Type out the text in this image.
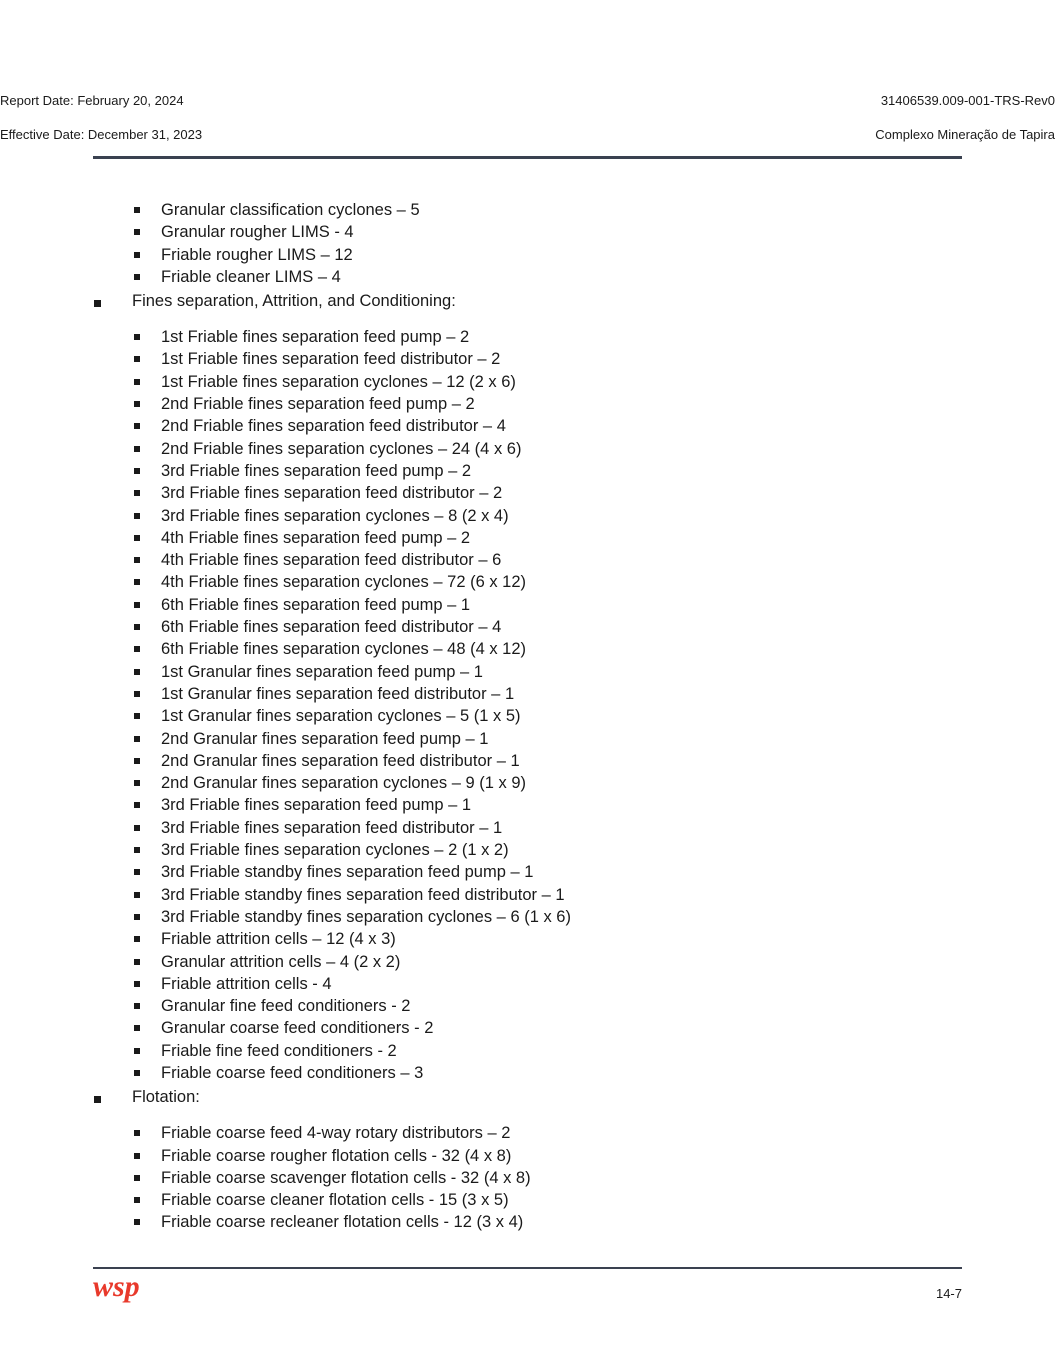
Report Date: February 20, 2024	31406539.009-001-TRS-Rev0
Effective Date: December 31, 2023	Complexo Mineração de Tapira
Granular classification cyclones – 5
Granular rougher LIMS - 4
Friable rougher LIMS – 12
Friable cleaner LIMS – 4
Fines separation, Attrition, and Conditioning:
1st Friable fines separation feed pump – 2
1st Friable fines separation feed distributor – 2
1st Friable fines separation cyclones – 12 (2 x 6)
2nd Friable fines separation feed pump – 2
2nd Friable fines separation feed distributor – 4
2nd Friable fines separation cyclones – 24 (4 x 6)
3rd Friable fines separation feed pump – 2
3rd Friable fines separation feed distributor – 2
3rd Friable fines separation cyclones – 8 (2 x 4)
4th Friable fines separation feed pump – 2
4th Friable fines separation feed distributor – 6
4th Friable fines separation cyclones – 72 (6 x 12)
6th Friable fines separation feed pump – 1
6th Friable fines separation feed distributor – 4
6th Friable fines separation cyclones – 48 (4 x 12)
1st Granular fines separation feed pump – 1
1st Granular fines separation feed distributor – 1
1st Granular fines separation cyclones – 5 (1 x 5)
2nd Granular fines separation feed pump – 1
2nd Granular fines separation feed distributor – 1
2nd Granular fines separation cyclones – 9 (1 x 9)
3rd Friable fines separation feed pump – 1
3rd Friable fines separation feed distributor – 1
3rd Friable fines separation cyclones – 2 (1 x 2)
3rd Friable standby fines separation feed pump – 1
3rd Friable standby fines separation feed distributor – 1
3rd Friable standby fines separation cyclones – 6 (1 x 6)
Friable attrition cells – 12 (4 x 3)
Granular attrition cells – 4 (2 x 2)
Friable attrition cells - 4
Granular fine feed conditioners - 2
Granular coarse feed conditioners - 2
Friable fine feed conditioners - 2
Friable coarse feed conditioners – 3
Flotation:
Friable coarse feed 4-way rotary distributors – 2
Friable coarse rougher flotation cells - 32 (4 x 8)
Friable coarse scavenger flotation cells - 32 (4 x 8)
Friable coarse cleaner flotation cells - 15 (3 x 5)
Friable coarse recleaner flotation cells - 12 (3 x 4)
wsp	14-7
